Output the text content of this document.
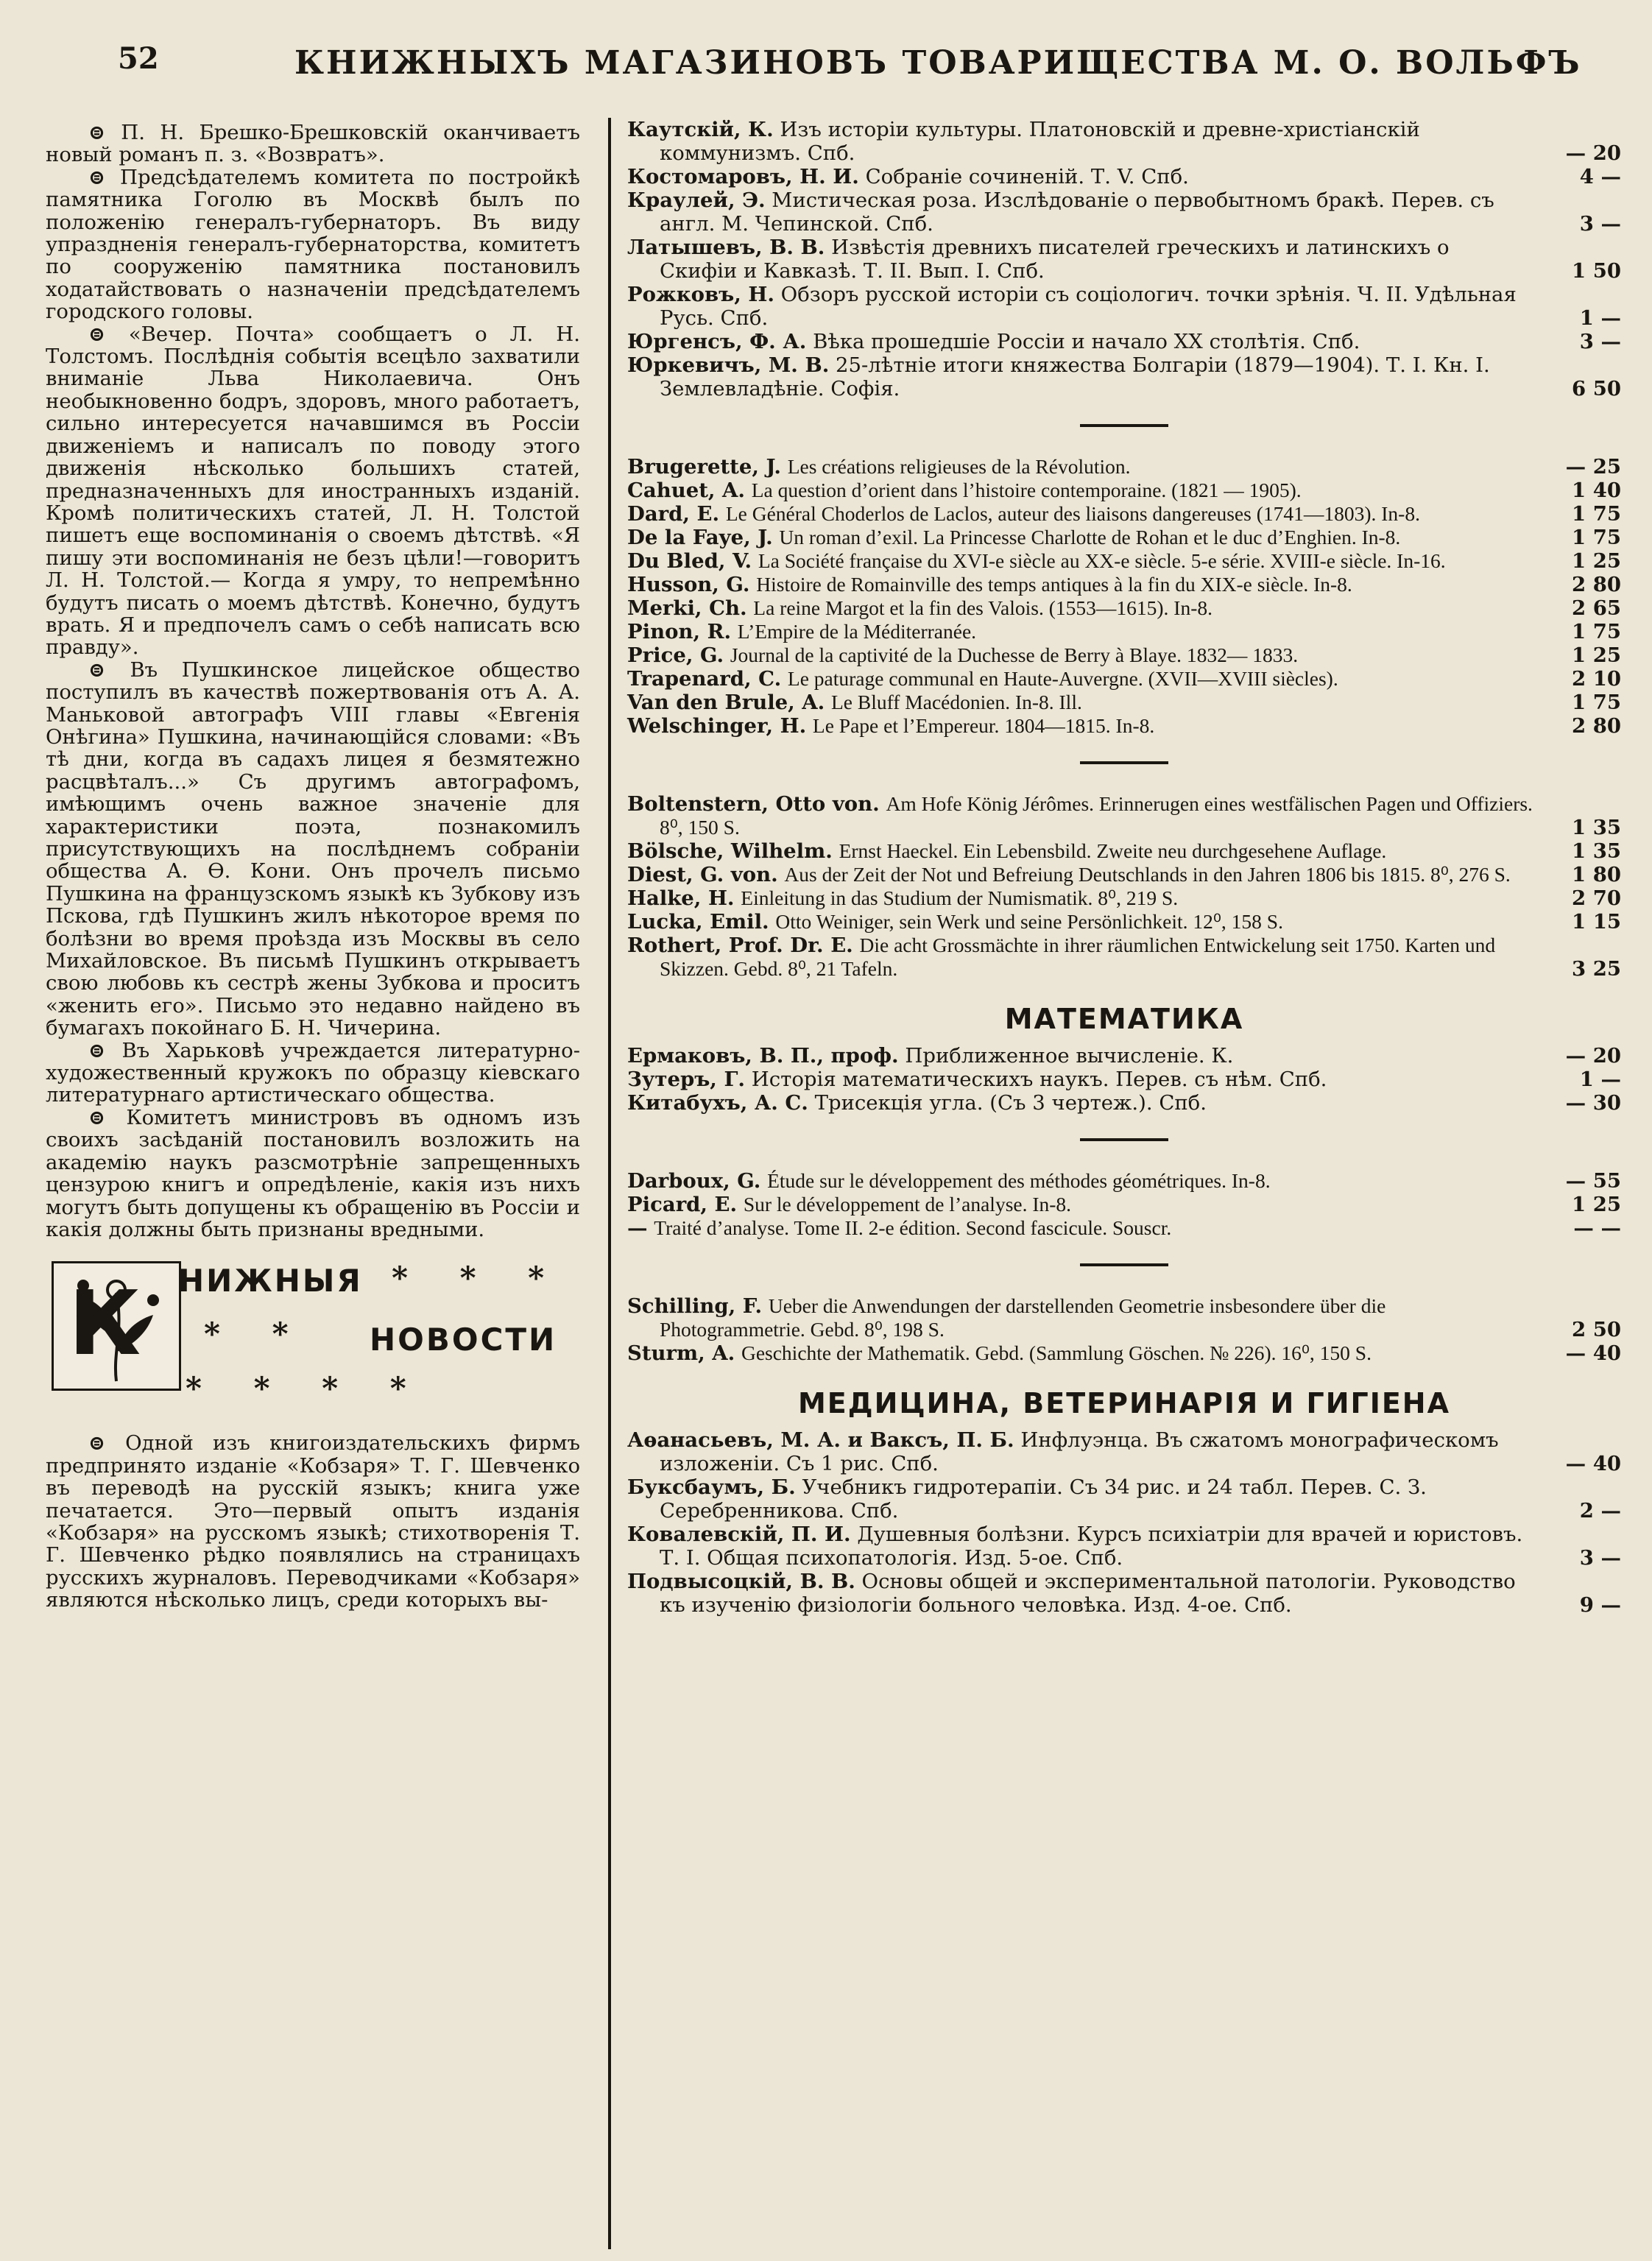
52	КНИЖНЫХЪ МАГАЗИНОВЪ ТОВАРИЩЕСТВА М. О. ВОЛЬФЪ

⊜ П. Н. Брешко-Брешковскій оканчиваетъ новый романъ п. з. «Возвратъ».

⊜ Предсѣдателемъ комитета по постройкѣ памятника Гоголю въ Москвѣ былъ по положенію генералъ-губернаторъ. Въ виду упраздненія генералъ-губернаторства, комитетъ по сооруженію памятника постановилъ ходатайствовать о назначеніи предсѣдателемъ городского головы.

⊜ «Вечер. Почта» сообщаетъ о Л. Н. Толстомъ. Послѣднія событія всецѣло захватили вниманіе Льва Николаевича. Онъ необыкновенно бодръ, здоровъ, много работаетъ, сильно интересуется начавшимся въ Россіи движеніемъ и написалъ по поводу этого движенія нѣсколько большихъ статей, предназначенныхъ для иностранныхъ изданій. Кромѣ политическихъ статей, Л. Н. Толстой пишетъ еще воспоминанія о своемъ дѣтствѣ. «Я пишу эти воспоминанія не безъ цѣли!—говоритъ Л. Н. Толстой.— Когда я умру, то непремѣнно будутъ писать о моемъ дѣтствѣ. Конечно, будутъ врать. Я и предпочелъ самъ о себѣ написать всю правду».

⊜ Въ Пушкинское лицейское общество поступилъ въ качествѣ пожертвованія отъ А. А. Маньковой автографъ VIII главы «Евгенія Онѣгина» Пушкина, начинающійся словами: «Въ тѣ дни, когда въ садахъ лицея я безмятежно расцвѣталъ...» Съ другимъ автографомъ, имѣющимъ очень важное значеніе для характеристики поэта, познакомилъ присутствующихъ на послѣднемъ собраніи общества А. Ѳ. Кони. Онъ прочелъ письмо Пушкина на французскомъ языкѣ къ Зубкову изъ Пскова, гдѣ Пушкинъ жилъ нѣкоторое время по болѣзни во время проѣзда изъ Москвы въ село Михайловское. Въ письмѣ Пушкинъ открываетъ свою любовь къ сестрѣ жены Зубкова и проситъ «женить его». Письмо это недавно найдено въ бумагахъ покойнаго Б. Н. Чичерина.

⊜ Въ Харьковѣ учреждается литературно-художественный кружокъ по образцу кіевскаго литературнаго артистическаго общества.

⊜ Комитетъ министровъ въ одномъ изъ своихъ засѣданій постановилъ возложить на академію наукъ разсмотрѣніе запрещенныхъ цензурою книгъ и опредѣленіе, какія изъ нихъ могутъ быть допущены къ обращенію въ Россіи и какія должны быть признаны вредными.

К НИЖНЫЯ * * *
* * НОВОСТИ
* * * *

⊜ Одной изъ книгоиздательскихъ фирмъ предпринято изданіе «Кобзаря» Т. Г. Шевченко въ переводѣ на русскій языкъ; книга уже печатается. Это—первый опытъ изданія «Кобзаря» на русскомъ языкѣ; стихотворенія Т. Г. Шевченко рѣдко появлялись на страницахъ русскихъ журналовъ. Переводчиками «Кобзаря» являются нѣсколько лицъ, среди которыхъ вы-

Каутскій, К. Изъ исторіи культуры. Платоновскій и древне-христіанскій коммунизмъ. Спб.	— 20
Костомаровъ, Н. И. Собраніе сочиненій. Т. V. Спб.	4 —
Краулей, Э. Мистическая роза. Изслѣдованіе о первобытномъ бракѣ. Перев. съ англ. М. Чепинской. Спб.	3 —
Латышевъ, В. В. Извѣстія древнихъ писателей греческихъ и латинскихъ о Скифіи и Кавказѣ. Т. II. Вып. I. Спб.	1 50
Рожковъ, Н. Обзоръ русской исторіи съ соціологич. точки зрѣнія. Ч. II. Удѣльная Русь. Спб.	1 —
Юргенсъ, Ф. А. Вѣка прошедшіе Россіи и начало XX столѣтія. Спб.	3 —
Юркевичъ, М. В. 25-лѣтніе итоги княжества Болгаріи (1879—1904). Т. I. Кн. I. Землевладѣніе. Софія.	6 50
Brugerette, J. Les créations religieuses de la Révolution.	— 25
Cahuet, A. La question d’orient dans l’histoire contemporaine. (1821 — 1905).	1 40
Dard, E. Le Général Choderlos de Laclos, auteur des liaisons dangereuses (1741—1803). In-8.	1 75
De la Faye, J. Un roman d’exil. La Princesse Charlotte de Rohan et le duc d’Enghien. In-8.	1 75
Du Bled, V. La Société française du XVI-e siècle au XX-e siècle. 5-e série. XVIII-e siècle. In-16.	1 25
Husson, G. Histoire de Romainville des temps antiques à la fin du XIX-e siècle. In-8.	2 80
Merki, Ch. La reine Margot et la fin des Valois. (1553—1615). In-8.	2 65
Pinon, R. L’Empire de la Méditerranée.	1 75
Price, G. Journal de la captivité de la Duchesse de Berry à Blaye. 1832— 1833.	1 25
Trapenard, C. Le paturage communal en Haute-Auvergne. (XVII—XVIII siècles).	2 10
Van den Brule, A. Le Bluff Macédonien. In-8. Ill.	1 75
Welschinger, H. Le Pape et l’Empereur. 1804—1815. In-8.	2 80
Boltenstern, Otto von. Am Hofe König Jérômes. Erinnerugen eines westfälischen Pagen und Offiziers. 8⁰, 150 S.	1 35
Bölsche, Wilhelm. Ernst Haeckel. Ein Lebensbild. Zweite neu durchgesehene Auflage.	1 35
Diest, G. von. Aus der Zeit der Not und Befreiung Deutschlands in den Jahren 1806 bis 1815. 8⁰, 276 S.	1 80
Halke, H. Einleitung in das Studium der Numismatik. 8⁰, 219 S.	2 70
Lucka, Emil. Otto Weiniger, sein Werk und seine Persönlichkeit. 12⁰, 158 S.	1 15
Rothert, Prof. Dr. E. Die acht Grossmächte in ihrer räumlichen Entwickelung seit 1750. Karten und Skizzen. Gebd. 8⁰, 21 Tafeln.	3 25
МАТЕМАТИКА
Ермаковъ, В. П., проф. Приближенное вычисленіе. К.	— 20
Зутеръ, Г. Исторія математическихъ наукъ. Перев. съ нѣм. Спб.	1 —
Китабухъ, А. С. Трисекція угла. (Съ 3 чертеж.). Спб.	— 30
Darboux, G. Étude sur le développement des méthodes géométriques. In-8.	— 55
Picard, E. Sur le développement de l’analyse. In-8.	1 25
— Traité d’analyse. Tome II. 2-e édition. Second fascicule. Souscr.	— —
Schilling, F. Ueber die Anwendungen der darstellenden Geometrie insbesondere über die Photogrammetrie. Gebd. 8⁰, 198 S.	2 50
Sturm, A. Geschichte der Mathematik. Gebd. (Sammlung Göschen. № 226). 16⁰, 150 S.	— 40
МЕДИЦИНА, ВЕТЕРИНАРІЯ И ГИГІЕНА
Аѳанасьевъ, М. А. и Ваксъ, П. Б. Инфлуэнца. Въ сжатомъ монографическомъ изложеніи. Съ 1 рис. Спб.	— 40
Буксбаумъ, Б. Учебникъ гидротерапіи. Съ 34 рис. и 24 табл. Перев. С. З. Серебренникова. Спб.	2 —
Ковалевскій, П. И. Душевныя болѣзни. Курсъ психіатріи для врачей и юристовъ. Т. I. Общая психопатологія. Изд. 5-ое. Спб.	3 —
Подвысоцкій, В. В. Основы общей и экспериментальной патологіи. Руководство къ изученію физіологіи больного человѣка. Изд. 4-ое. Спб.	9 —
